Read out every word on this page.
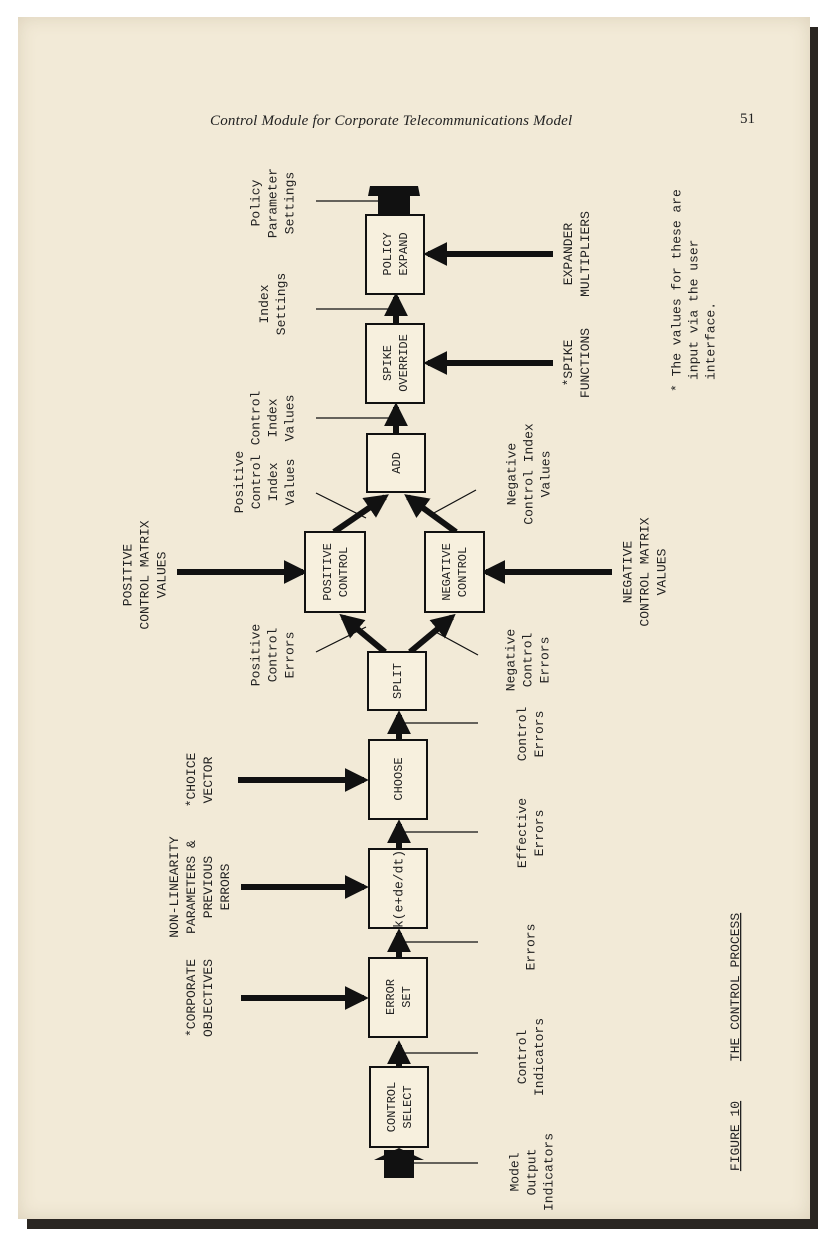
Control Module for Corporate Telecommunications Model	51
CONTROL SELECT
ERROR SET
CHOOSE
SPLIT
POSITIVE CONTROL	NEGATIVE CONTROL
ADD
SPIKE OVERRIDE
POLICY EXPAND
k(e+de/dt)
*CORPORATE OBJECTIVES
NON-LINEARITY PARAMETERS & PREVIOUS ERRORS
*CHOICE VECTOR
POSITIVE CONTROL MATRIX VALUES	NEGATIVE CONTROL MATRIX VALUES
*SPIKE FUNCTIONS
EXPANDER MULTIPLIERS
Model Output Indicators
Control Indicators
Errors
Effective Errors
Control Errors
Positive Control Errors	Negative Control Errors
Positive Control Index Values	Negative Control Index Values
Control Index Values
Index Settings
Policy Parameter Settings	* The values for these are input via the user interface.
FIGURE 10
THE CONTROL PROCESS
